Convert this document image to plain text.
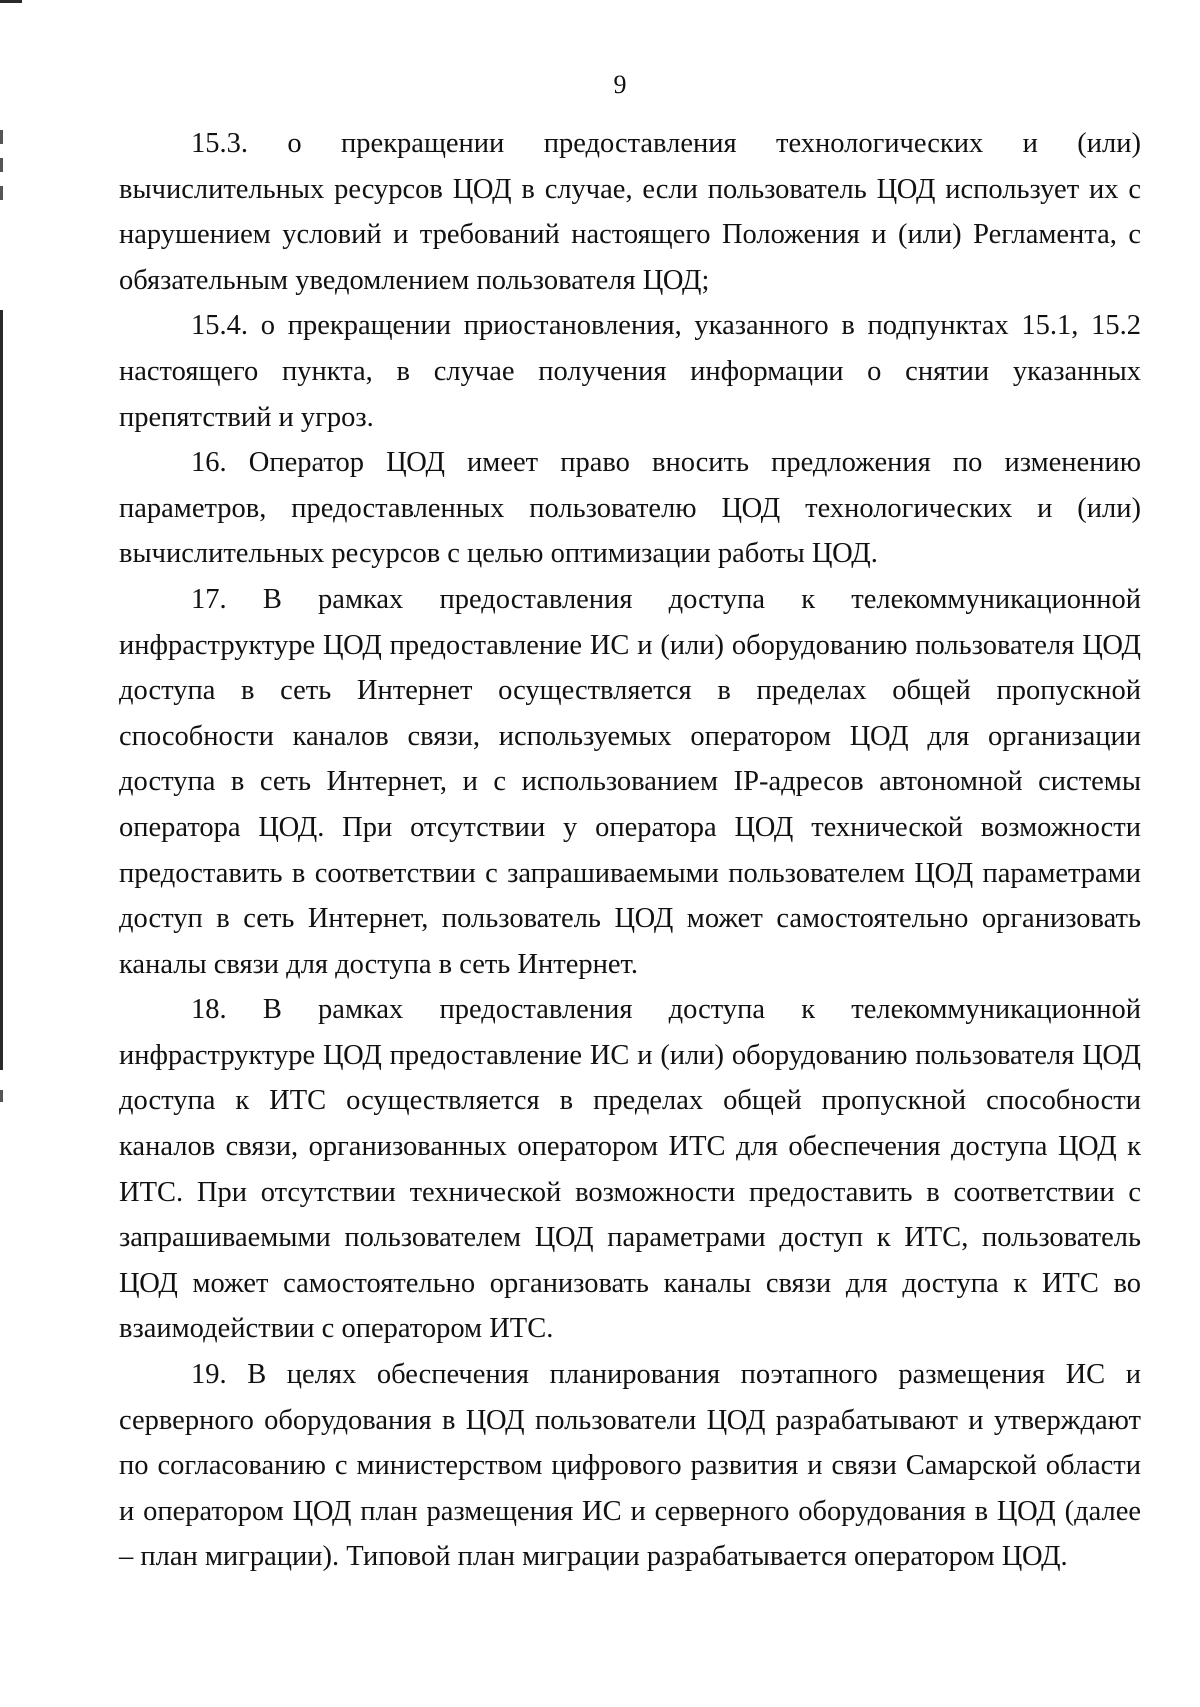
9

15.3. о прекращении предоставления технологических и (или) вычислительных ресурсов ЦОД в случае, если пользователь ЦОД использует их с нарушением условий и требований настоящего Положения и (или) Регламента, с обязательным уведомлением пользователя ЦОД;

15.4. о прекращении приостановления, указанного в подпунктах 15.1, 15.2 настоящего пункта, в случае получения информации о снятии указанных препятствий и угроз.

16. Оператор ЦОД имеет право вносить предложения по изменению параметров, предоставленных пользователю ЦОД технологических и (или) вычислительных ресурсов с целью оптимизации работы ЦОД.

17. В рамках предоставления доступа к телекоммуникационной инфраструктуре ЦОД предоставление ИС и (или) оборудованию пользователя ЦОД доступа в сеть Интернет осуществляется в пределах общей пропускной способности каналов связи, используемых оператором ЦОД для организации доступа в сеть Интернет, и с использованием IP-адресов автономной системы оператора ЦОД. При отсутствии у оператора ЦОД технической возможности предоставить в соответствии с запрашиваемыми пользователем ЦОД параметрами доступ в сеть Интернет, пользователь ЦОД может самостоятельно организовать каналы связи для доступа в сеть Интернет.

18. В рамках предоставления доступа к телекоммуникационной инфраструктуре ЦОД предоставление ИС и (или) оборудованию пользователя ЦОД доступа к ИТС осуществляется в пределах общей пропускной способности каналов связи, организованных оператором ИТС для обеспечения доступа ЦОД к ИТС. При отсутствии технической возможности предоставить в соответствии с запрашиваемыми пользователем ЦОД параметрами доступ к ИТС, пользователь ЦОД может самостоятельно организовать каналы связи для доступа к ИТС во взаимодействии с оператором ИТС.

19. В целях обеспечения планирования поэтапного размещения ИС и серверного оборудования в ЦОД пользователи ЦОД разрабатывают и утверждают по согласованию с министерством цифрового развития и связи Самарской области и оператором ЦОД план размещения ИС и серверного оборудования в ЦОД (далее – план миграции). Типовой план миграции разрабатывается оператором ЦОД.
